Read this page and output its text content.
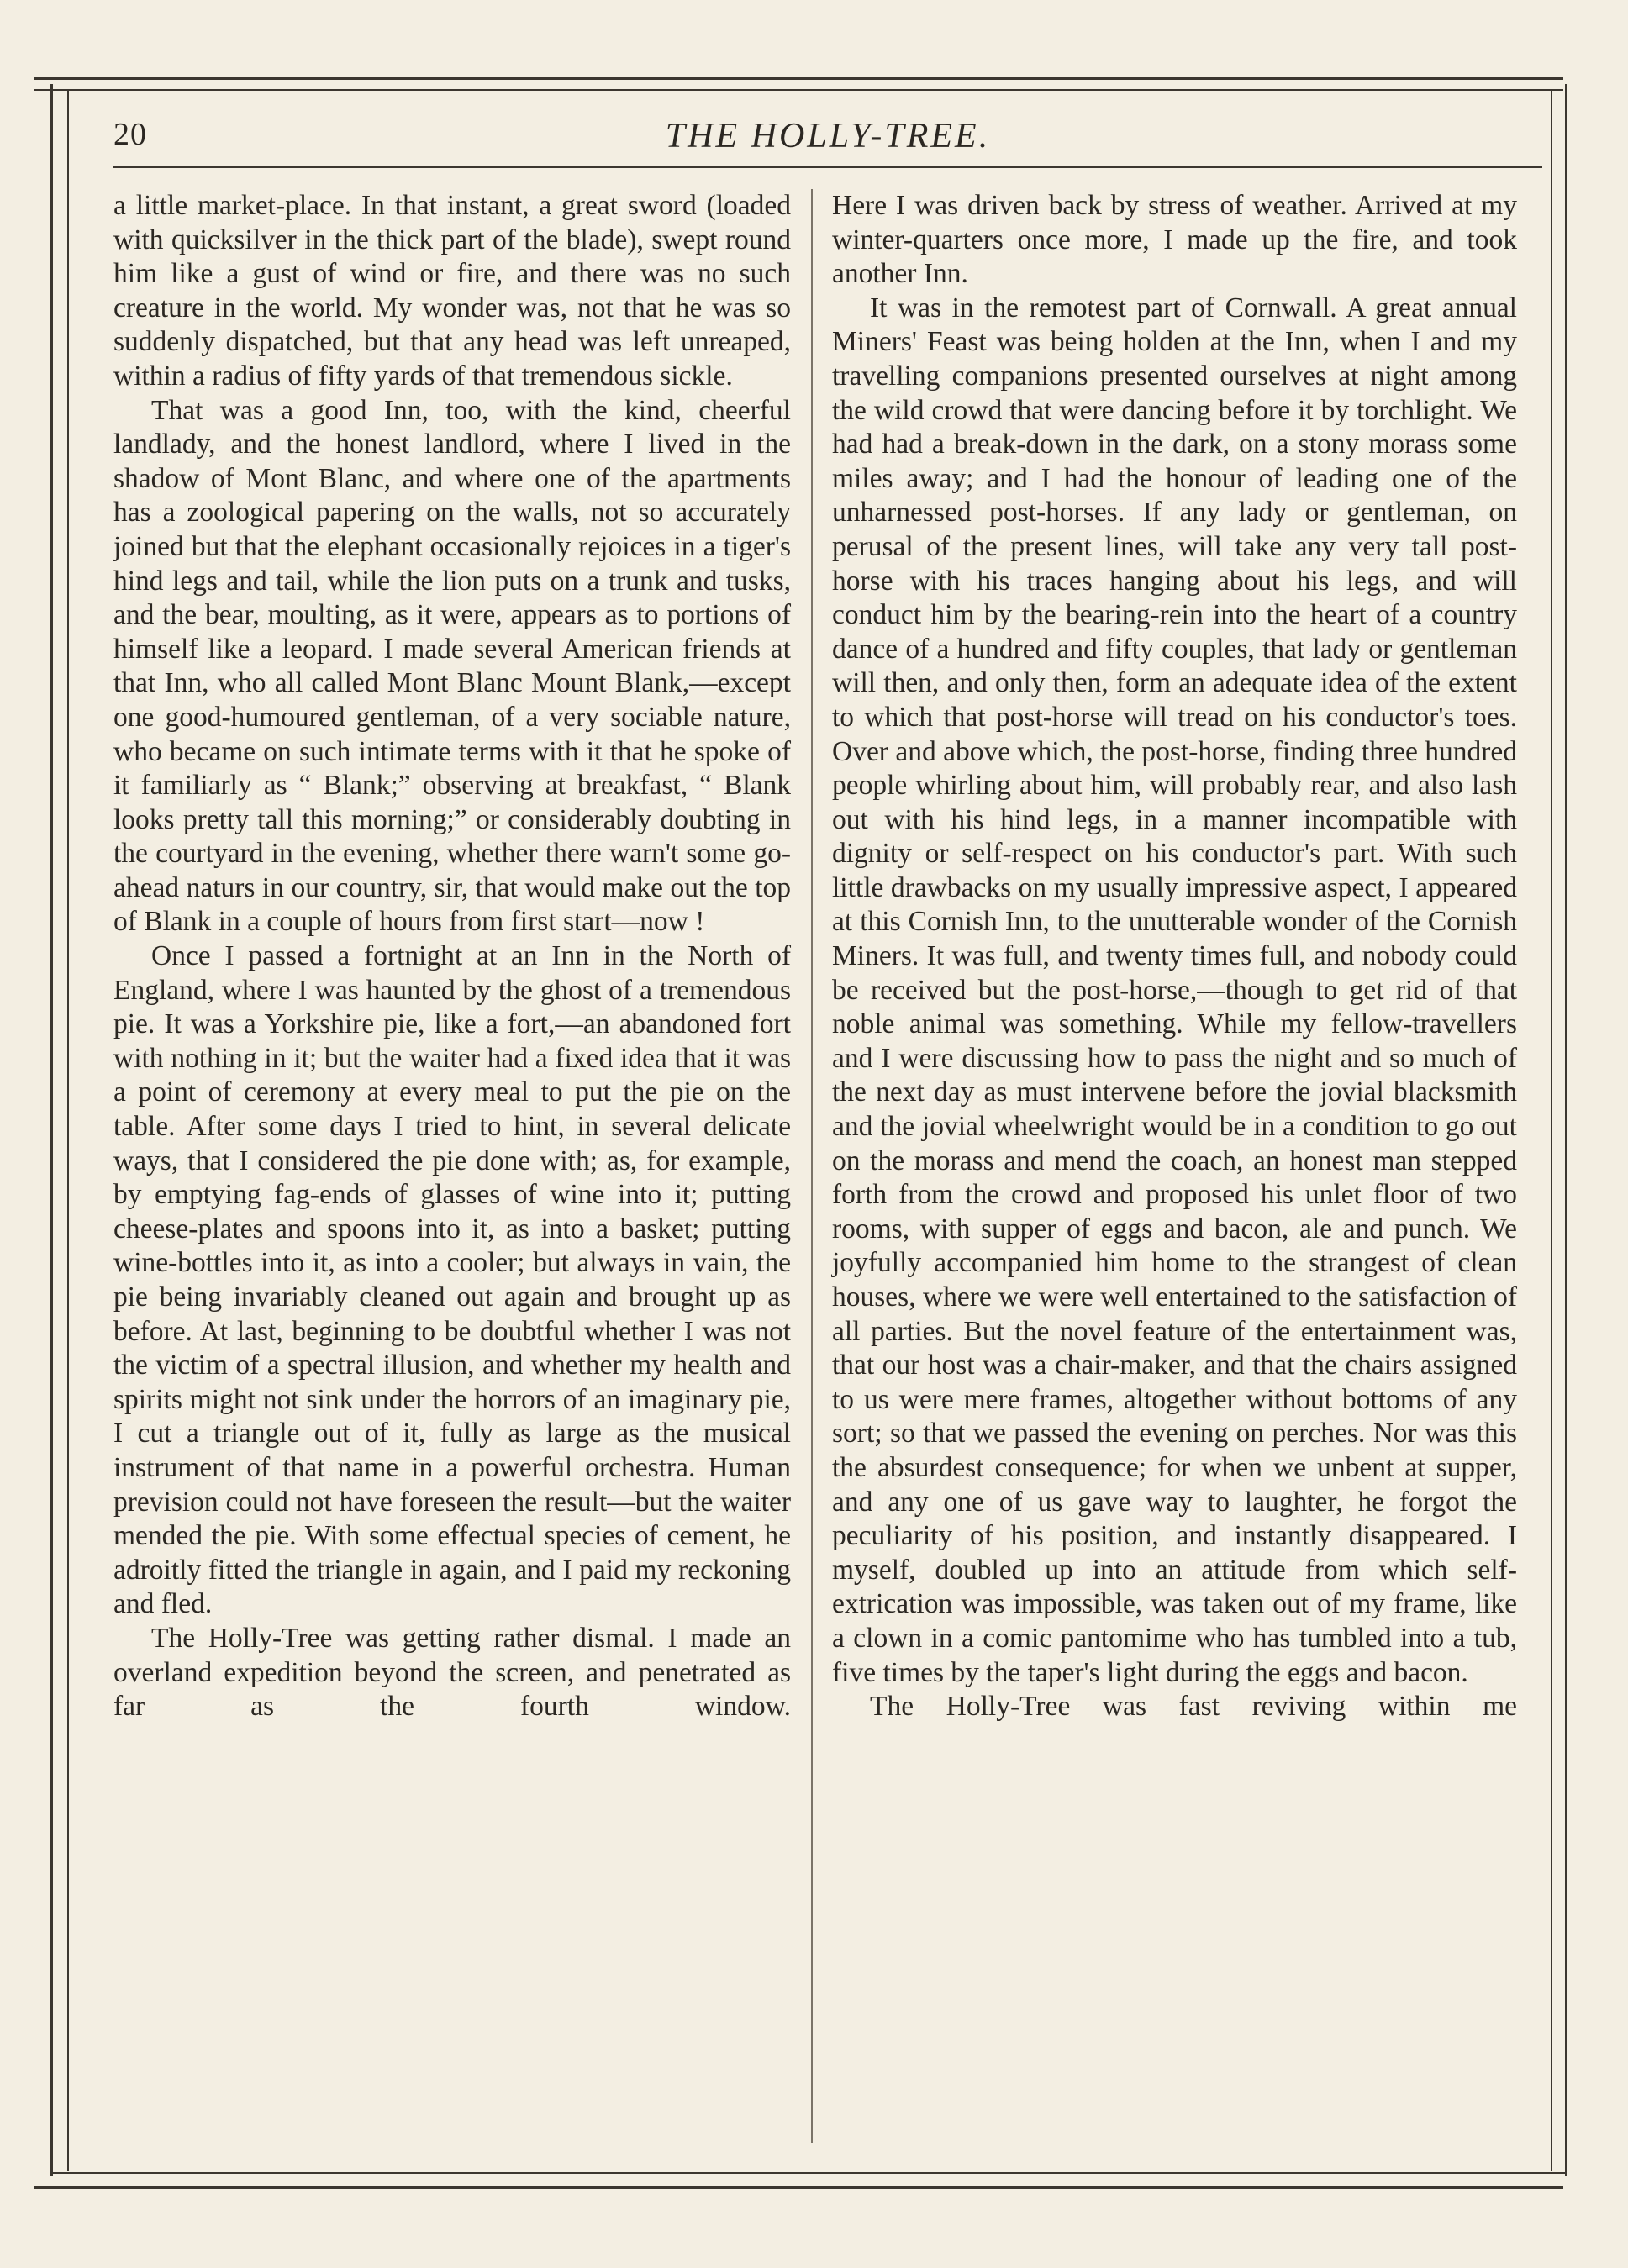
20	THE HOLLY-TREE.

a little market-place. In that instant, a great sword (loaded with quicksilver in the thick part of the blade), swept round him like a gust of wind or fire, and there was no such creature in the world. My wonder was, not that he was so suddenly dispatched, but that any head was left unreaped, within a radius of fifty yards of that tremendous sickle.

That was a good Inn, too, with the kind, cheerful landlady, and the honest landlord, where I lived in the shadow of Mont Blanc, and where one of the apartments has a zoological papering on the walls, not so accurately joined but that the elephant occasionally rejoices in a tiger's hind legs and tail, while the lion puts on a trunk and tusks, and the bear, moulting, as it were, appears as to portions of himself like a leopard. I made several American friends at that Inn, who all called Mont Blanc Mount Blank,—except one good-humoured gentleman, of a very sociable nature, who became on such intimate terms with it that he spoke of it familiarly as “ Blank;” observing at breakfast, “ Blank looks pretty tall this morning;” or considerably doubting in the courtyard in the evening, whether there warn't some go-ahead naturs in our country, sir, that would make out the top of Blank in a couple of hours from first start—now !

Once I passed a fortnight at an Inn in the North of England, where I was haunted by the ghost of a tremendous pie. It was a Yorkshire pie, like a fort,—an abandoned fort with nothing in it; but the waiter had a fixed idea that it was a point of ceremony at every meal to put the pie on the table. After some days I tried to hint, in several delicate ways, that I considered the pie done with; as, for example, by emptying fag-ends of glasses of wine into it; putting cheese-plates and spoons into it, as into a basket; putting wine-bottles into it, as into a cooler; but always in vain, the pie being invariably cleaned out again and brought up as before. At last, beginning to be doubtful whether I was not the victim of a spectral illusion, and whether my health and spirits might not sink under the horrors of an imaginary pie, I cut a triangle out of it, fully as large as the musical instrument of that name in a powerful orchestra. Human prevision could not have foreseen the result—but the waiter mended the pie. With some effectual species of cement, he adroitly fitted the triangle in again, and I paid my reckoning and fled.

The Holly-Tree was getting rather dismal. I made an overland expedition beyond the screen, and penetrated as far as the fourth window.

Here I was driven back by stress of weather. Arrived at my winter-quarters once more, I made up the fire, and took another Inn.

It was in the remotest part of Cornwall. A great annual Miners' Feast was being holden at the Inn, when I and my travelling companions presented ourselves at night among the wild crowd that were dancing before it by torchlight. We had had a break-down in the dark, on a stony morass some miles away; and I had the honour of leading one of the unharnessed post-horses. If any lady or gentleman, on perusal of the present lines, will take any very tall post-horse with his traces hanging about his legs, and will conduct him by the bearing-rein into the heart of a country dance of a hundred and fifty couples, that lady or gentleman will then, and only then, form an adequate idea of the extent to which that post-horse will tread on his conductor's toes. Over and above which, the post-horse, finding three hundred people whirling about him, will probably rear, and also lash out with his hind legs, in a manner incompatible with dignity or self-respect on his conductor's part. With such little drawbacks on my usually impressive aspect, I appeared at this Cornish Inn, to the unutterable wonder of the Cornish Miners. It was full, and twenty times full, and nobody could be received but the post-horse,—though to get rid of that noble animal was something. While my fellow-travellers and I were discussing how to pass the night and so much of the next day as must intervene before the jovial blacksmith and the jovial wheelwright would be in a condition to go out on the morass and mend the coach, an honest man stepped forth from the crowd and proposed his unlet floor of two rooms, with supper of eggs and bacon, ale and punch. We joyfully accompanied him home to the strangest of clean houses, where we were well entertained to the satisfaction of all parties. But the novel feature of the entertainment was, that our host was a chair-maker, and that the chairs assigned to us were mere frames, altogether without bottoms of any sort; so that we passed the evening on perches. Nor was this the absurdest consequence; for when we unbent at supper, and any one of us gave way to laughter, he forgot the peculiarity of his position, and instantly disappeared. I myself, doubled up into an attitude from which self-extrication was impossible, was taken out of my frame, like a clown in a comic pantomime who has tumbled into a tub, five times by the taper's light during the eggs and bacon.

The Holly-Tree was fast reviving within me
